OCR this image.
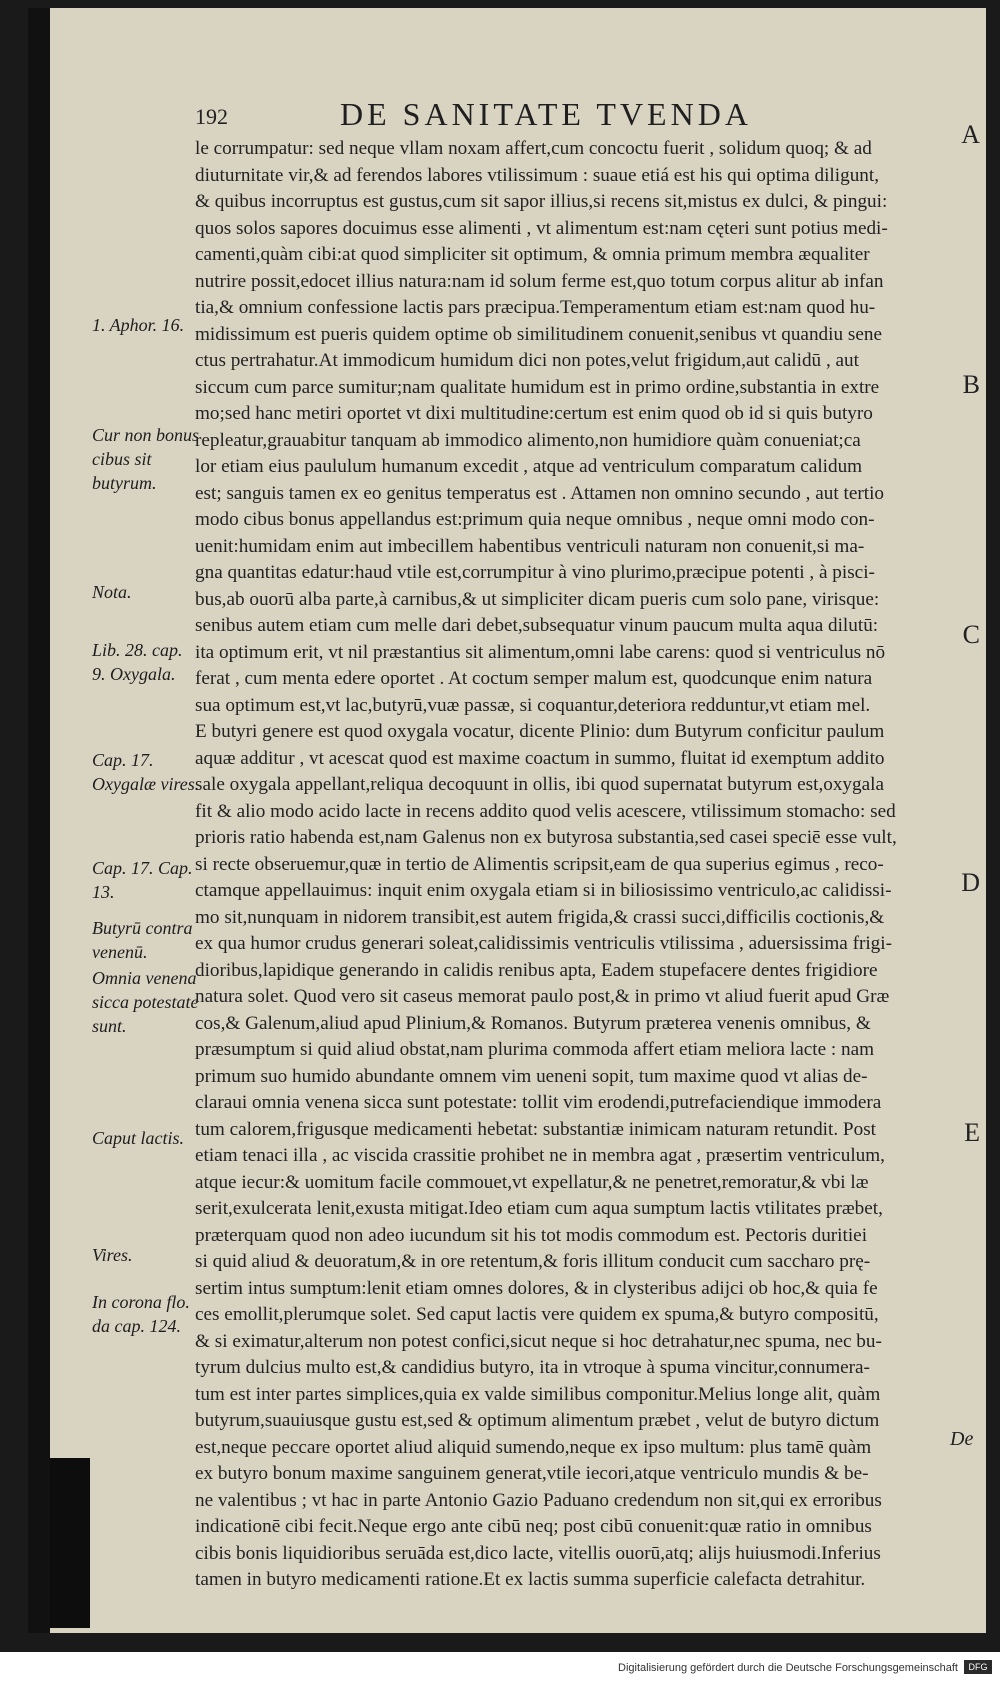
192	DE SANITATE TVENDA
1. Aphor. 16.
Cur non bonus cibus sit butyrum.
Nota.
Lib. 28. cap. 9. Oxygala.
Cap. 17. Oxygalæ vires.
Cap. 17. Cap. 13.
Butyrū contra venenū.
Omnia venena sicca potestate sunt.
Caput lactis.
Vires.
In corona flo. da cap. 124.
le corrumpatur: sed neque vllam noxam affert,cum concoctu fuerit , solidum quoq; & ad
diuturnitate vir,& ad ferendos labores vtilissimum : suaue etiá est his qui optima diligunt,
& quibus incorruptus est gustus,cum sit sapor illius,si recens sit,mistus ex dulci, & pingui:
quos solos sapores docuimus esse alimenti , vt alimentum est:nam cęteri sunt potius medi-
camenti,quàm cibi:at quod simpliciter sit optimum, & omnia primum membra æqualiter
nutrire possit,edocet illius natura:nam id solum ferme est,quo totum corpus alitur ab infan
tia,& omnium confessione lactis pars præcipua.Temperamentum etiam est:nam quod hu-
midissimum est pueris quidem optime ob similitudinem conuenit,senibus vt quandiu sene
ctus pertrahatur.At immodicum humidum dici non potes,velut frigidum,aut calidū , aut
siccum cum parce sumitur;nam qualitate humidum est in primo ordine,substantia in extre
mo;sed hanc metiri oportet vt dixi multitudine:certum est enim quod ob id si quis butyro
repleatur,grauabitur tanquam ab immodico alimento,non humidiore quàm conueniat;ca
lor etiam eius paululum humanum excedit , atque ad ventriculum comparatum calidum
est; sanguis tamen ex eo genitus temperatus est . Attamen non omnino secundo , aut tertio
modo cibus bonus appellandus est:primum quia neque omnibus , neque omni modo con-
uenit:humidam enim aut imbecillem habentibus ventriculi naturam non conuenit,si ma-
gna quantitas edatur:haud vtile est,corrumpitur à vino plurimo,præcipue potenti , à pisci-
bus,ab ouorū alba parte,à carnibus,& ut simpliciter dicam pueris cum solo pane, virisque:
senibus autem etiam cum melle dari debet,subsequatur vinum paucum multa aqua dilutū:
ita optimum erit, vt nil præstantius sit alimentum,omni labe carens: quod si ventriculus nō
ferat , cum menta edere oportet . At coctum semper malum est, quodcunque enim natura
sua optimum est,vt lac,butyrū,vuæ passæ, si coquantur,deteriora redduntur,vt etiam mel.
E butyri genere est quod oxygala vocatur, dicente Plinio: dum Butyrum conficitur paulum
aquæ additur , vt acescat quod est maxime coactum in summo, fluitat id exemptum addito
sale oxygala appellant,reliqua decoquunt in ollis, ibi quod supernatat butyrum est,oxygala
fit & alio modo acido lacte in recens addito quod velis acescere, vtilissimum stomacho: sed
prioris ratio habenda est,nam Galenus non ex butyrosa substantia,sed casei speciē esse vult,
si recte obseruemur,quæ in tertio de Alimentis scripsit,eam de qua superius egimus , reco-
ctamque appellauimus: inquit enim oxygala etiam si in biliosissimo ventriculo,ac calidissi-
mo sit,nunquam in nidorem transibit,est autem frigida,& crassi succi,difficilis coctionis,&
ex qua humor crudus generari soleat,calidissimis ventriculis vtilissima , aduersissima frigi-
dioribus,lapidique generando in calidis renibus apta, Eadem stupefacere dentes frigidiore
natura solet. Quod vero sit caseus memorat paulo post,& in primo vt aliud fuerit apud Græ
cos,& Galenum,aliud apud Plinium,& Romanos. Butyrum præterea venenis omnibus, &
præsumptum si quid aliud obstat,nam plurima commoda affert etiam meliora lacte : nam
primum suo humido abundante omnem vim ueneni sopit, tum maxime quod vt alias de-
claraui omnia venena sicca sunt potestate: tollit vim erodendi,putrefaciendique immodera
tum calorem,frigusque medicamenti hebetat: substantiæ inimicam naturam retundit. Post
etiam tenaci illa , ac viscida crassitie prohibet ne in membra agat , præsertim ventriculum,
atque iecur:& uomitum facile commouet,vt expellatur,& ne penetret,remoratur,& vbi læ
serit,exulcerata lenit,exusta mitigat.Ideo etiam cum aqua sumptum lactis vtilitates præbet,
præterquam quod non adeo iucundum sit his tot modis commodum est. Pectoris duritiei
si quid aliud & deuoratum,& in ore retentum,& foris illitum conducit cum saccharo prę-
sertim intus sumptum:lenit etiam omnes dolores, & in clysteribus adijci ob hoc,& quia fe
ces emollit,plerumque solet. Sed caput lactis vere quidem ex spuma,& butyro compositū,
& si eximatur,alterum non potest confici,sicut neque si hoc detrahatur,nec spuma, nec bu-
tyrum dulcius multo est,& candidius butyro, ita in vtroque à spuma vincitur,connumera-
tum est inter partes simplices,quia ex valde similibus componitur.Melius longe alit, quàm
butyrum,suauiusque gustu est,sed & optimum alimentum præbet , velut de butyro dictum
est,neque peccare oportet aliud aliquid sumendo,neque ex ipso multum: plus tamē quàm
ex butyro bonum maxime sanguinem generat,vtile iecori,atque ventriculo mundis & be-
ne valentibus ; vt hac in parte Antonio Gazio Paduano credendum non sit,qui ex erroribus
indicationē cibi fecit.Neque ergo ante cibū neq; post cibū conuenit:quæ ratio in omnibus
cibis bonis liquidioribus seruāda est,dico lacte, vitellis ouorū,atq; alijs huiusmodi.Inferius
tamen in butyro medicamenti ratione.Et ex lactis summa superficie calefacta detrahitur.
A
B
C
D
E
De
Digitalisierung gefördert durch die Deutsche Forschungsgemeinschaft	DFG
